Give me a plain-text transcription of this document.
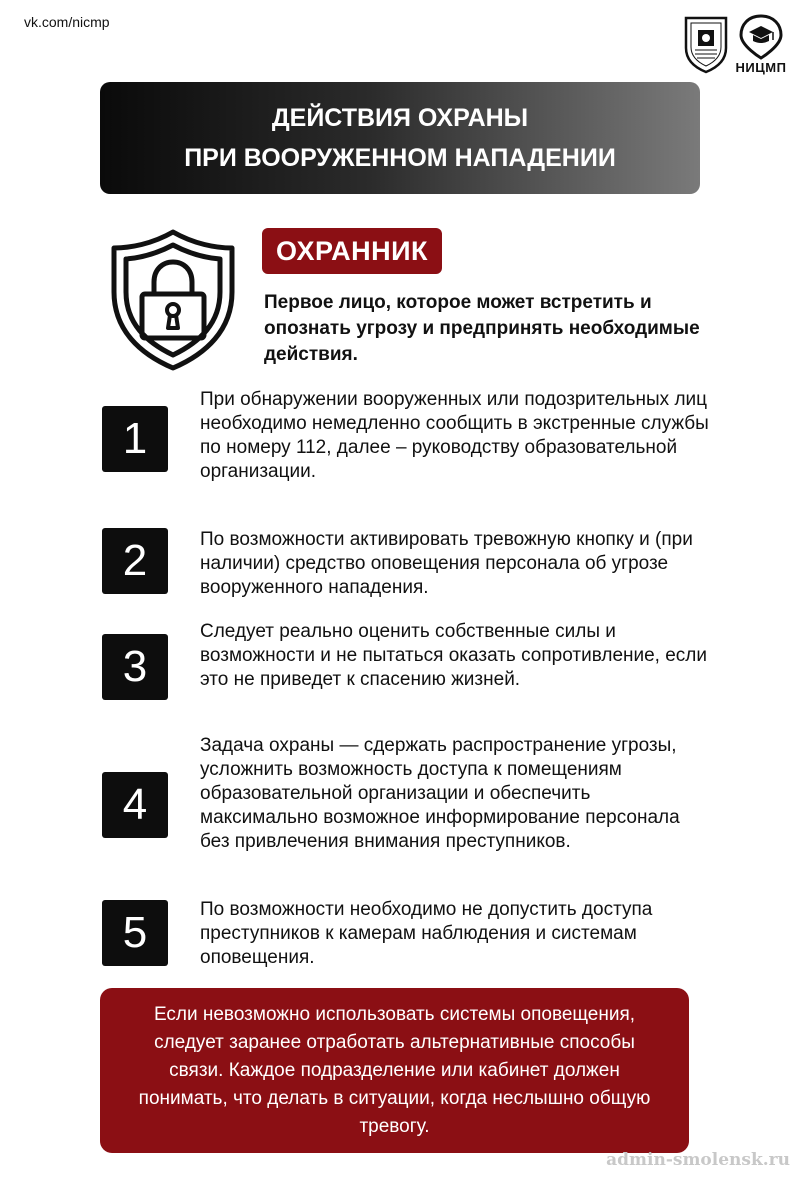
vk.com/nicmp
НИЦМП
ДЕЙСТВИЯ ОХРАНЫ
ПРИ ВООРУЖЕННОМ НАПАДЕНИИ
ОХРАННИК
Первое лицо, которое может встретить и опознать угрозу и предпринять необходимые действия.
1
При обнаружении вооруженных или подозрительных лиц необходимо немедленно сообщить в экстренные службы по номеру 112, далее – руководству образовательной организации.
2	По возможности активировать тревожную кнопку и (при наличии) средство оповещения персонала об угрозе вооруженного нападения.
3
Следует реально оценить собственные силы и возможности и не пытаться оказать сопротивление, если это не приведет к спасению жизней.
4
Задача охраны — сдержать распространение угрозы, усложнить возможность доступа к помещениям образовательной организации и обеспечить максимально возможное информирование персонала без привлечения внимания преступников.
5	По возможности необходимо не допустить доступа преступников к камерам наблюдения и системам оповещения.
Если невозможно использовать системы оповещения, следует заранее отработать альтернативные способы связи. Каждое подразделение или кабинет должен понимать, что делать в ситуации, когда неслышно общую тревогу.
admin-smolensk.ru
